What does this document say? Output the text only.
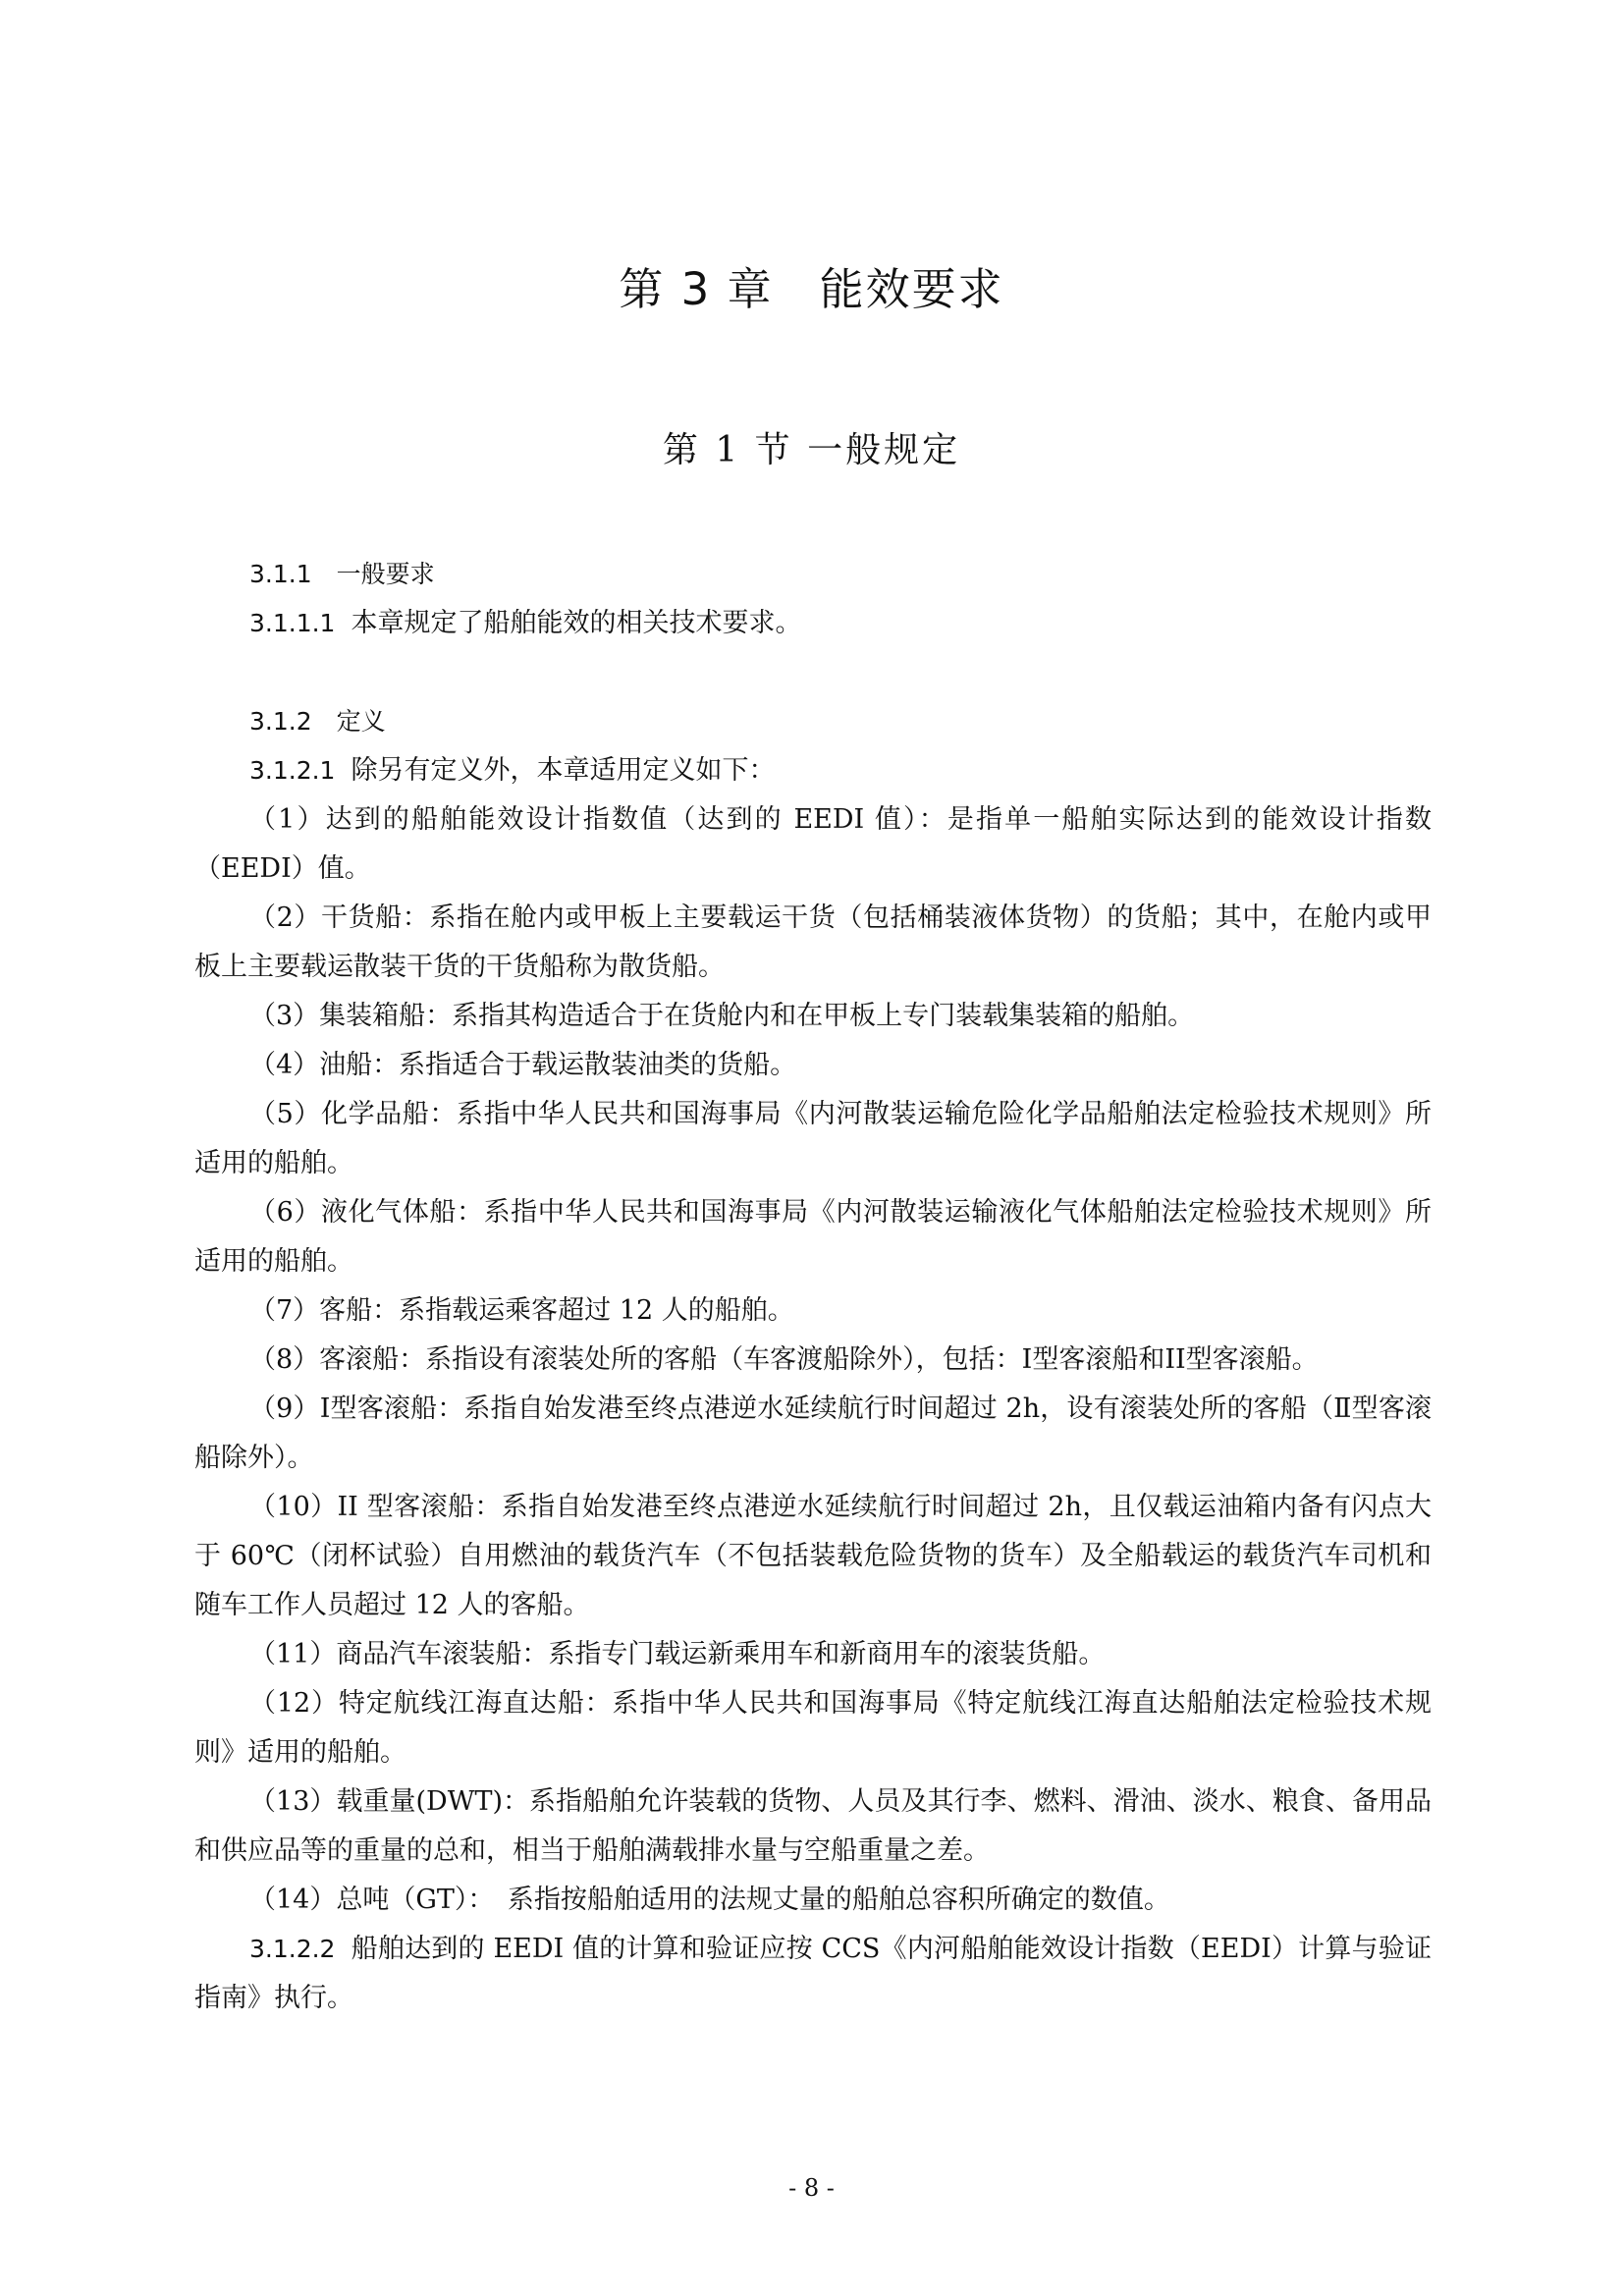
第 3 章　能效要求
第 1 节 一般规定

3.1.1　一般要求

3.1.1.1 本章规定了船舶能效的相关技术要求。

3.1.2　定义

3.1.2.1 除另有定义外，本章适用定义如下：

（1）达到的船舶能效设计指数值（达到的 EEDI 值）：是指单一船舶实际达到的能效设计指数（EEDI）值。

（2）干货船：系指在舱内或甲板上主要载运干货（包括桶装液体货物）的货船；其中，在舱内或甲板上主要载运散装干货的干货船称为散货船。

（3）集装箱船：系指其构造适合于在货舱内和在甲板上专门装载集装箱的船舶。

（4）油船：系指适合于载运散装油类的货船。

（5）化学品船：系指中华人民共和国海事局《内河散装运输危险化学品船舶法定检验技术规则》所适用的船舶。

（6）液化气体船：系指中华人民共和国海事局《内河散装运输液化气体船舶法定检验技术规则》所适用的船舶。

（7）客船：系指载运乘客超过 12 人的船舶。

（8）客滚船：系指设有滚装处所的客船（车客渡船除外），包括：I型客滚船和II型客滚船。

（9）Ⅰ型客滚船：系指自始发港至终点港逆水延续航行时间超过 2h，设有滚装处所的客船（Ⅱ型客滚船除外）。

（10）II 型客滚船：系指自始发港至终点港逆水延续航行时间超过 2h，且仅载运油箱内备有闪点大于 60℃（闭杯试验）自用燃油的载货汽车（不包括装载危险货物的货车）及全船载运的载货汽车司机和随车工作人员超过 12 人的客船。

（11）商品汽车滚装船：系指专门载运新乘用车和新商用车的滚装货船。

（12）特定航线江海直达船：系指中华人民共和国海事局《特定航线江海直达船舶法定检验技术规则》适用的船舶。

（13）载重量(DWT)：系指船舶允许装载的货物、人员及其行李、燃料、滑油、淡水、粮食、备用品和供应品等的重量的总和，相当于船舶满载排水量与空船重量之差。

（14）总吨（GT）：　系指按船舶适用的法规丈量的船舶总容积所确定的数值。

3.1.2.2 船舶达到的 EEDI 值的计算和验证应按 CCS《内河船舶能效设计指数（EEDI）计算与验证指南》执行。

- 8 -
